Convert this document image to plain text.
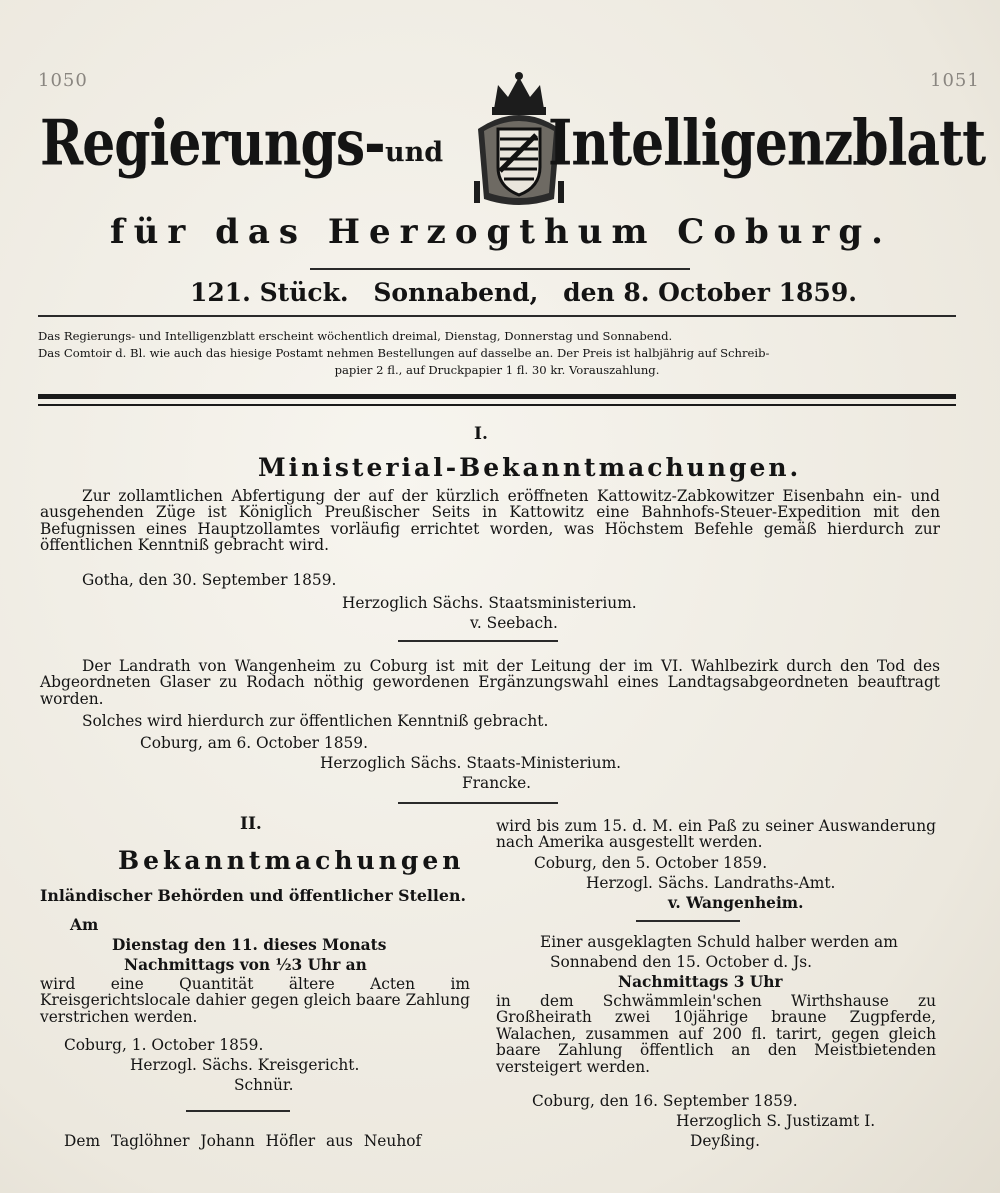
1050	1051
Regierungs- und Intelligenzblatt
für das Herzogthum Coburg.
121. Stück. Sonnabend, den 8. October 1859.
Das Regierungs- und Intelligenzblatt erscheint wöchentlich dreimal, Dienstag, Donnerstag und Sonnabend.
Das Comtoir d. Bl. wie auch das hiesige Postamt nehmen Bestellungen auf dasselbe an. Der Preis ist halbjährig auf Schreib-
papier 2 fl., auf Druckpapier 1 fl. 30 kr. Vorauszahlung.
I.
Ministerial-Bekanntmachungen.
Zur zollamtlichen Abfertigung der auf der kürzlich eröffneten Kattowitz-Zabkowitzer Eisenbahn ein- und ausgehenden Züge ist Königlich Preußischer Seits in Kattowitz eine Bahnhofs-Steuer-Expedition mit den Befugnissen eines Hauptzollamtes vorläufig errichtet worden, was Höchstem Befehle gemäß hierdurch zur öffentlichen Kenntniß gebracht wird.
Gotha, den 30. September 1859.
Herzoglich Sächs. Staatsministerium.
v. Seebach.
Der Landrath von Wangenheim zu Coburg ist mit der Leitung der im VI. Wahlbezirk durch den Tod des Abgeordneten Glaser zu Rodach nöthig gewordenen Ergänzungswahl eines Landtagsabgeordneten beauftragt worden.
Solches wird hierdurch zur öffentlichen Kenntniß gebracht.
Coburg, am 6. October 1859.
Herzoglich Sächs. Staats-Ministerium.
Francke.
II.
Bekanntmachungen
Inländischer Behörden und öffentlicher Stellen.
Am
Dienstag den 11. dieses Monats
Nachmittags von ½3 Uhr an
wird eine Quantität ältere Acten im Kreisgerichtslocale dahier gegen gleich baare Zahlung verstrichen werden.
Coburg, 1. October 1859.
Herzogl. Sächs. Kreisgericht.
Schnür.
Dem Taglöhner Johann Höfler aus Neuhof
wird bis zum 15. d. M. ein Paß zu seiner Auswanderung nach Amerika ausgestellt werden.
Coburg, den 5. October 1859.
Herzogl. Sächs. Landraths-Amt.
v. Wangenheim.
Einer ausgeklagten Schuld halber werden am
Sonnabend den 15. October d. Js.
Nachmittags 3 Uhr
in dem Schwämmlein'schen Wirthshause zu Großheirath zwei 10jährige braune Zugpferde, Walachen, zusammen auf 200 fl. tarirt, gegen gleich baare Zahlung öffentlich an den Meistbietenden versteigert werden.
Coburg, den 16. September 1859.
Herzoglich S. Justizamt I.
Deyßing.
